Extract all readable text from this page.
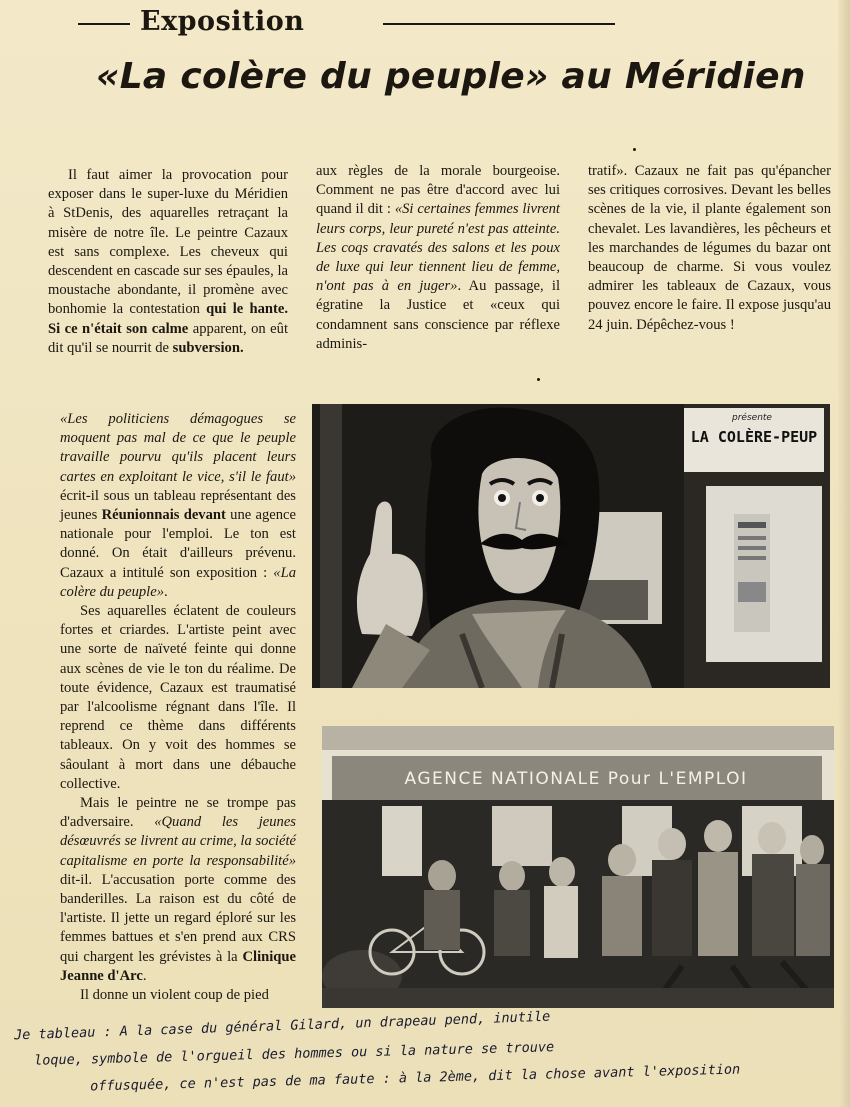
Exposition
«La colère du peuple» au Méridien

Il faut aimer la provocation pour exposer dans le super-luxe du Méridien à StDenis, des aquarelles retraçant la misère de notre île. Le peintre Cazaux est sans complexe. Les cheveux qui descendent en cascade sur ses épaules, la moustache abondante, il promène avec bonhomie la contestation qui le hante. Si ce n'était son calme apparent, on eût dit qu'il se nourrit de subversion.

aux règles de la morale bourgeoise. Comment ne pas être d'accord avec lui quand il dit : «Si certaines femmes livrent leurs corps, leur pureté n'est pas atteinte. Les coqs cravatés des salons et les poux de luxe qui leur tiennent lieu de femme, n'ont pas à en juger». Au passage, il égratine la Justice et «ceux qui condamnent sans conscience par réflexe adminis-

tratif». Cazaux ne fait pas qu'épancher ses critiques corrosives. Devant les belles scènes de la vie, il plante également son chevalet. Les lavandières, les pêcheurs et les marchandes de légumes du bazar ont beaucoup de charme. Si vous voulez admirer les tableaux de Cazaux, vous pouvez encore le faire. Il expose jusqu'au 24 juin. Dépêchez-vous !

«Les politiciens démagogues se moquent pas mal de ce que le peuple travaille pourvu qu'ils placent leurs cartes en exploitant le vice, s'il le faut» écrit-il sous un tableau représentant des jeunes Réunionnais devant une agence nationale pour l'emploi. Le ton est donné. On était d'ailleurs prévenu. Cazaux a intitulé son exposition : «La colère du peuple».

Ses aquarelles éclatent de couleurs fortes et criardes. L'artiste peint avec une sorte de naïveté feinte qui donne aux scènes de vie le ton du réalime. De toute évidence, Cazaux est traumatisé par l'alcoolisme régnant dans l'île. Il reprend ce thème dans différents tableaux. On y voit des hommes se sâoulant à mort dans une débauche collective.

Mais le peintre ne se trompe pas d'adversaire. «Quand les jeunes désœuvrés se livrent au crime, la société capitalisme en porte la responsabilité» dit-il. L'accusation porte comme des banderilles. La raison est du côté de l'artiste. Il jette un regard éploré sur les femmes battues et s'en prend aux CRS qui chargent les grévistes à la Clinique Jeanne d'Arc.

Il donne un violent coup de pied

présente
LA COLÈRE-PEUP
AGENCE NATIONALE Pour L'EMPLOI
Je tableau : A la case du général Gilard, un drapeau pend, inutile
loque, symbole de l'orgueil des hommes ou si la nature se trouve
offusquée, ce n'est pas de ma faute : à la 2ème, dit la chose avant l'exposition
